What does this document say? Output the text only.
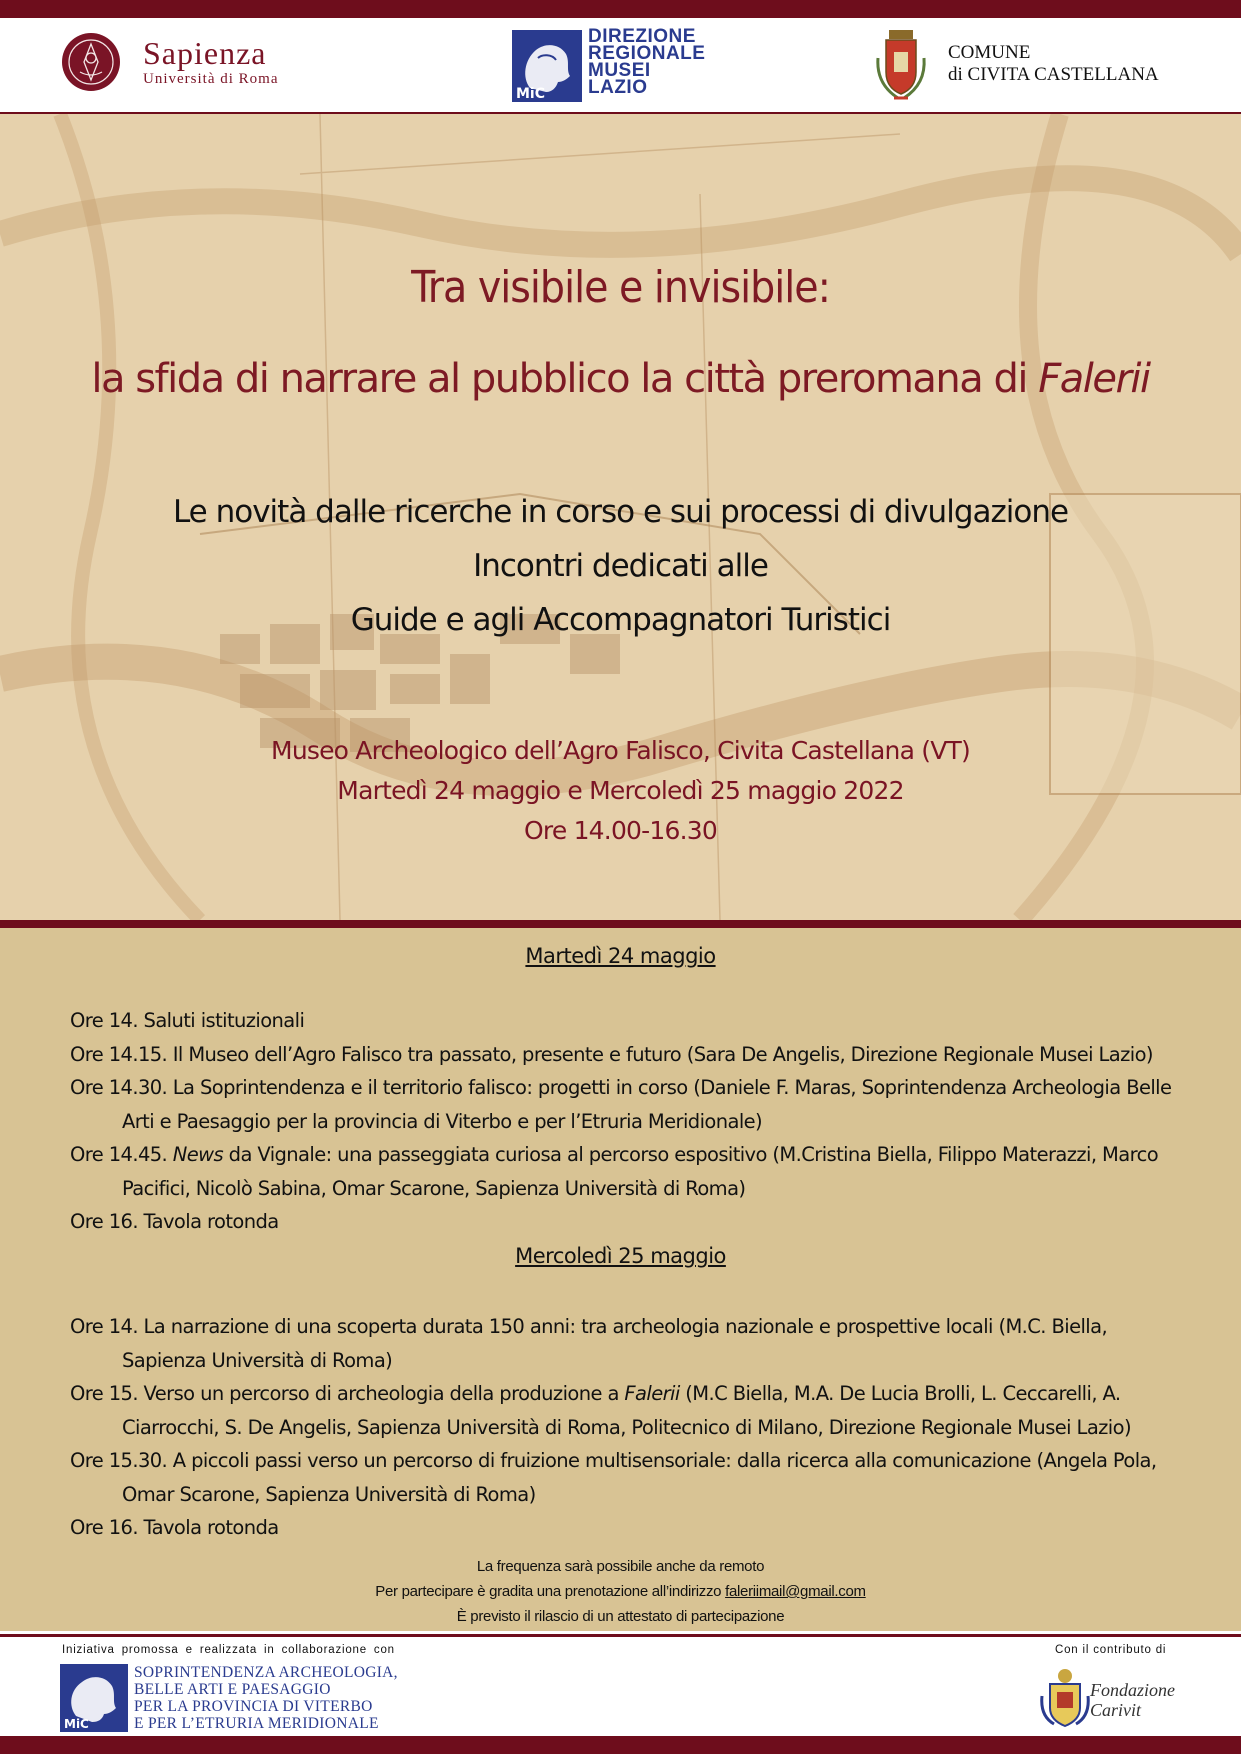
Sapienza
Università di Roma
MiC
DIREZIONE
REGIONALE
MUSEI
LAZIO
COMUNE
di CIVITA CASTELLANA
Tra visibile e invisibile:
la sfida di narrare al pubblico la città preromana di Falerii
Le novità dalle ricerche in corso e sui processi di divulgazione
Incontri dedicati alle
Guide e agli Accompagnatori Turistici
Museo Archeologico dell’Agro Falisco, Civita Castellana (VT)
Martedì 24 maggio e Mercoledì 25 maggio 2022
Ore 14.00-16.30
Martedì 24 maggio
Ore 14. Saluti istituzionali
Ore 14.15. Il Museo dell’Agro Falisco tra passato, presente e futuro (Sara De Angelis, Direzione Regionale Musei Lazio)
Ore 14.30. La Soprintendenza e il territorio falisco: progetti in corso (Daniele F. Maras, Soprintendenza Archeologia Belle Arti e Paesaggio per la provincia di Viterbo e per l’Etruria Meridionale)
Ore 14.45. News da Vignale: una passeggiata curiosa al percorso espositivo (M.Cristina Biella, Filippo Materazzi, Marco Pacifici, Nicolò Sabina, Omar Scarone, Sapienza Università di Roma)
Ore 16. Tavola rotonda
Mercoledì 25 maggio
Ore 14. La narrazione di una scoperta durata 150 anni: tra archeologia nazionale e prospettive locali (M.C. Biella, Sapienza Università di Roma)
Ore 15. Verso un percorso di archeologia della produzione a Falerii (M.C Biella, M.A. De Lucia Brolli, L. Ceccarelli, A. Ciarrocchi, S. De Angelis, Sapienza Università di Roma, Politecnico di Milano, Direzione Regionale Musei Lazio)
Ore 15.30. A piccoli passi verso un percorso di fruizione multisensoriale: dalla ricerca alla comunicazione (Angela Pola, Omar Scarone, Sapienza Università di Roma)
Ore 16. Tavola rotonda
La frequenza sarà possibile anche da remoto
Per partecipare è gradita una prenotazione all’indirizzo faleriimail@gmail.com
È previsto il rilascio di un attestato di partecipazione
Iniziativa promossa e realizzata in collaborazione con
MiC
SOPRINTENDENZA ARCHEOLOGIA,
BELLE ARTI E PAESAGGIO
PER LA PROVINCIA DI VITERBO
E PER L’ETRURIA MERIDIONALE
Con il contributo di
Fondazione
Carivit
